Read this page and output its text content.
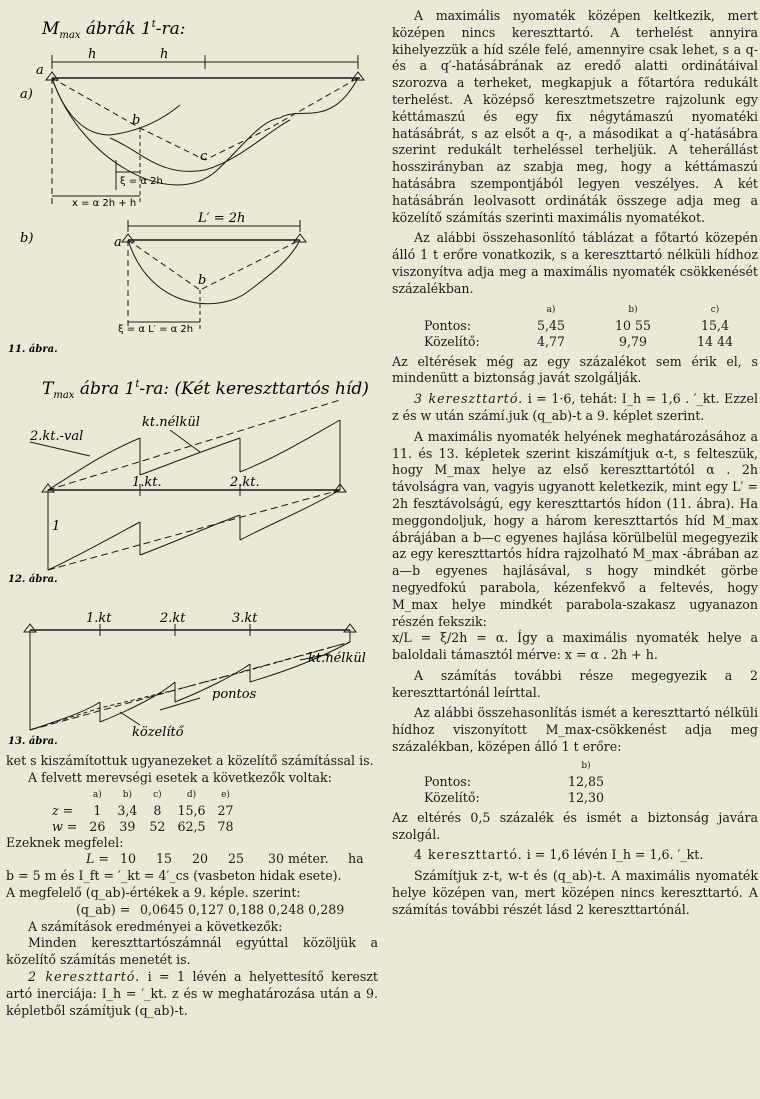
$M_{max}$ ábrák 1$^t$-ra:
h	h
a
a)
b
c
ξ = α 2h
x = α 2h + h
b)
L′ = 2h
a
b
ξ = α L′ = α 2h
11. ábra.
$T_{max}$ ábra 1$^t$-ra: (Két kereszttartós híd)
kt.nélkül
2.kt.-val
1.kt.	2.kt.
1
12. ábra.
1.kt	2.kt	3.kt
kt.nélkül
pontos
közelítő
13. ábra.

ket s kiszámítottuk ugyanezeket a közelítő számítással is.

A felvett merevségi esetek a következők voltak:

	a)	b)	c)	d)	e)
z =	1	3,4	8	15,6	27
w =	26	39	52	62,5	78

Ezeknek megfelel:

L = 10	15	20	25	30 méter.	ha

b = 5 m és I_ft = ′_kt = 4′_cs (vasbeton hidak esete).

A megfelelő (q_ab)-értékek a 9. képle. szerint:

(q_ab) = 0,0645 0,127 0,188 0,248 0,289

A számítások eredményei a következők:

Minden kereszttartószámnál egyúttal közöljük a közelítő számítás menetét is.

2 kereszttartó. i = 1 lévén a helyettesítő kereszt artó inerciája: I_h = ′_kt. z és w meghatározása után a 9. képletből számítjuk (q_ab)-t.

A maximális nyomaték középen keltkezik, mert középen nincs kereszttartó. A terhelést annyira kihelyezzük a híd széle felé, amennyire csak lehet, s a q- és a q′-hatásábrának az eredő alatti ordinátáival szorozva a terheket, megkapjuk a főtartóra redukált terhelést. A középső keresztmetszetre rajzolunk egy kéttámaszú és egy fix négytámaszú nyomatéki hatásábrát, s az elsőt a q-, a másodikat a q′-hatásábra szerint redukált terheléssel terheljük. A teherállást hosszirányban az szabja meg, hogy a kéttámaszú hatásábra szempontjából legyen veszélyes. A két hatásábrán leolvasott ordináták összege adja meg a közelítő számítás szerinti maximális nyomatékot.

Az alábbi összehasonlító táblázat a főtartó közepén álló 1 t erőre vonatkozik, s a kereszttartó nélküli hídhoz viszonyítva adja meg a maximális nyomaték csökkenését százalékban.

	a)	b)	c)
Pontos:	5,45	10 55	15,4
Közelítő:	4,77	9,79	14 44

Az eltérések még az egy százalékot sem érik el, s mindenütt a biztonság javát szolgálják.

3 kereszttartó. i = 1·6, tehát: I_h = 1,6 . ′_kt. Ezzel z és w után számí.juk (q_ab)-t a 9. képlet szerint.

A maximális nyomaték helyének meghatározásához a 11. és 13. képletek szerint kiszámítjuk α-t, s felteszük, hogy M_max helye az első kereszttartótól α . 2h távolságra van, vagyis ugyanott keletkezik, mint egy L′ = 2h fesztávolságú, egy kereszttartós hídon (11. ábra). Ha meggondoljuk, hogy a három kereszttartós híd M_max ábrájában a b—c egyenes hajlása körülbelül megegyezik az egy kereszttartós hídra rajzolható M_max -ábrában az a—b egyenes hajlásával, s hogy mindkét görbe negyedfokú parabola, kézenfekvő a feltevés, hogy M_max helye mindkét parabola-szakasz ugyanazon részén fekszik:

x/L = ξ/2h = α. Így a maximális nyomaték helye a baloldali támasztól mérve: x = α . 2h + h.

A számítás további része megegyezik a 2 kereszttartónál leírttal.

Az alábbi összehasonlítás ismét a kereszttartó nélküli hídhoz viszonyított M_max-csökkenést adja meg százalékban, középen álló 1 t erőre:

	b)
Pontos:	12,85
Közelítő:	12,30

Az eltérés 0,5 százalék és ismét a biztonság javára szolgál.

4 kereszttartó. i = 1,6 lévén I_h = 1,6. ′_kt.

Számítjuk z-t, w-t és (q_ab)-t. A maximális nyomaték helye középen van, mert középen nincs kereszttartó. A számítás további részét lásd 2 kereszttartónál.
